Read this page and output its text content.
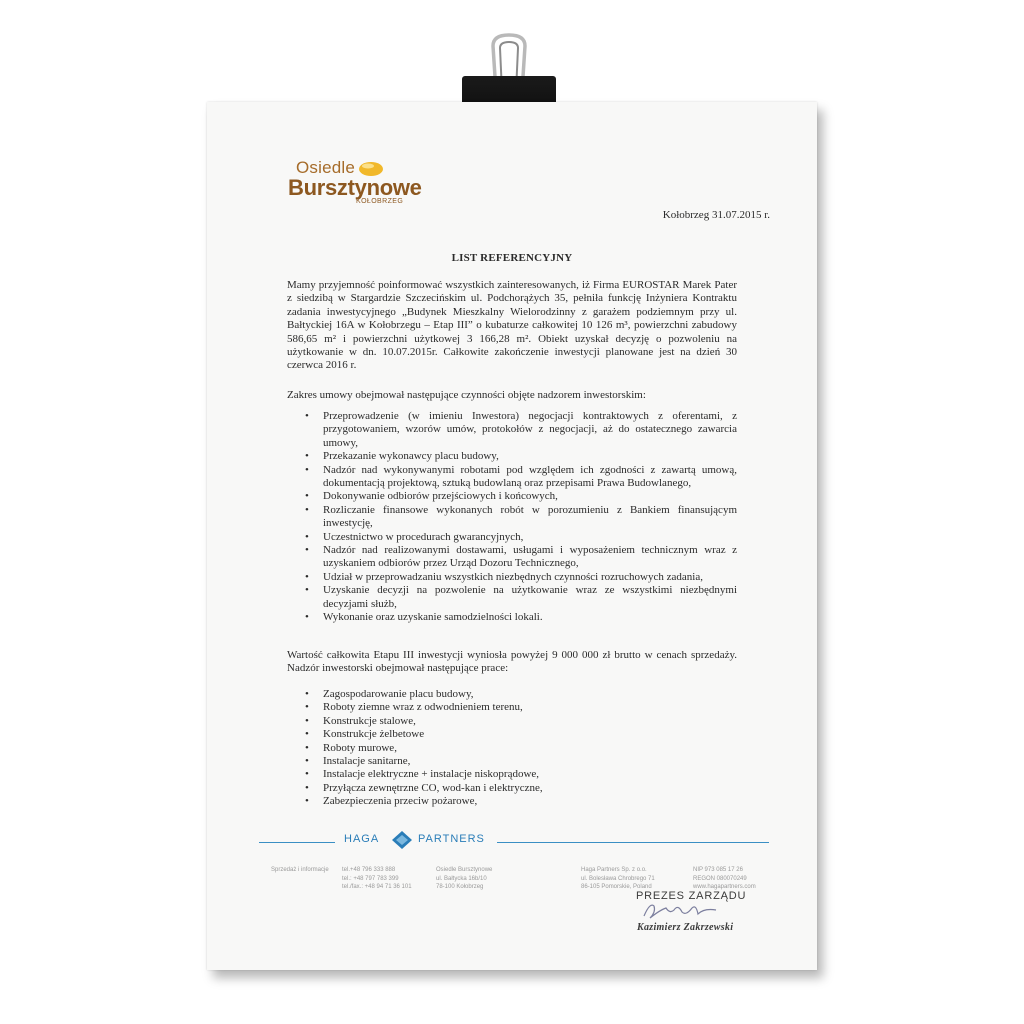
Osiedle
Bursztynowe
KOŁOBRZEG
Kołobrzeg 31.07.2015 r.
LIST REFERENCYJNY

Mamy przyjemność poinformować wszystkich zainteresowanych, iż Firma EUROSTAR Marek Pater z siedzibą w Stargardzie Szczecińskim ul. Podchorążych 35, pełniła funkcję Inżyniera Kontraktu zadania inwestycyjnego „Budynek Mieszkalny Wielorodzinny z garażem podziemnym przy ul. Bałtyckiej 16A w Kołobrzegu – Etap III” o kubaturze całkowitej 10 126 m³, powierzchni zabudowy 586,65 m² i powierzchni użytkowej 3 166,28 m². Obiekt uzyskał decyzję o pozwoleniu na użytkowanie w dn. 10.07.2015r. Całkowite zakończenie inwestycji planowane jest na dzień 30 czerwca 2016 r.

Zakres umowy obejmował następujące czynności objęte nadzorem inwestorskim:

• Przeprowadzenie (w imieniu Inwestora) negocjacji kontraktowych z oferentami, z przygotowaniem, wzorów umów, protokołów z negocjacji, aż do ostatecznego zawarcia umowy,
• Przekazanie wykonawcy placu budowy,
• Nadzór nad wykonywanymi robotami pod względem ich zgodności z zawartą umową, dokumentacją projektową, sztuką budowlaną oraz przepisami Prawa Budowlanego,
• Dokonywanie odbiorów przejściowych i końcowych,
• Rozliczanie finansowe wykonanych robót w porozumieniu z Bankiem finansującym inwestycję,
• Uczestnictwo w procedurach gwarancyjnych,
• Nadzór nad realizowanymi dostawami, usługami i wyposażeniem technicznym wraz z uzyskaniem odbiorów przez Urząd Dozoru Technicznego,
• Udział w przeprowadzaniu wszystkich niezbędnych czynności rozruchowych zadania,
• Uzyskanie decyzji na pozwolenie na użytkowanie wraz ze wszystkimi niezbędnymi decyzjami służb,
• Wykonanie oraz uzyskanie samodzielności lokali.

Wartość całkowita Etapu III inwestycji wyniosła powyżej 9 000 000 zł brutto w cenach sprzedaży. Nadzór inwestorski obejmował następujące prace:

• Zagospodarowanie placu budowy,
• Roboty ziemne wraz z odwodnieniem terenu,
• Konstrukcje stalowe,
• Konstrukcje żelbetowe
• Roboty murowe,
• Instalacje sanitarne,
• Instalacje elektryczne + instalacje niskoprądowe,
• Przyłącza zewnętrzne CO, wod-kan i elektryczne,
• Zabezpieczenia przeciw pożarowe,
HAGA	PARTNERS
Sprzedaż i informacje tel.+48 796 333 888
tel.: +48 797 783 399
tel./fax.: +48 94 71 36 101
Osiedle Bursztynowe
ul. Bałtycka 16b/10
78-100 Kołobrzeg
Haga Partners Sp. z o.o.
ul. Bolesława Chrobrego 71
86-105 Pomorskie, Poland
NIP 973 085 17 26
REGON 080070249
www.hagapartners.com
PREZES ZARZĄDU
Kazimierz Zakrzewski
